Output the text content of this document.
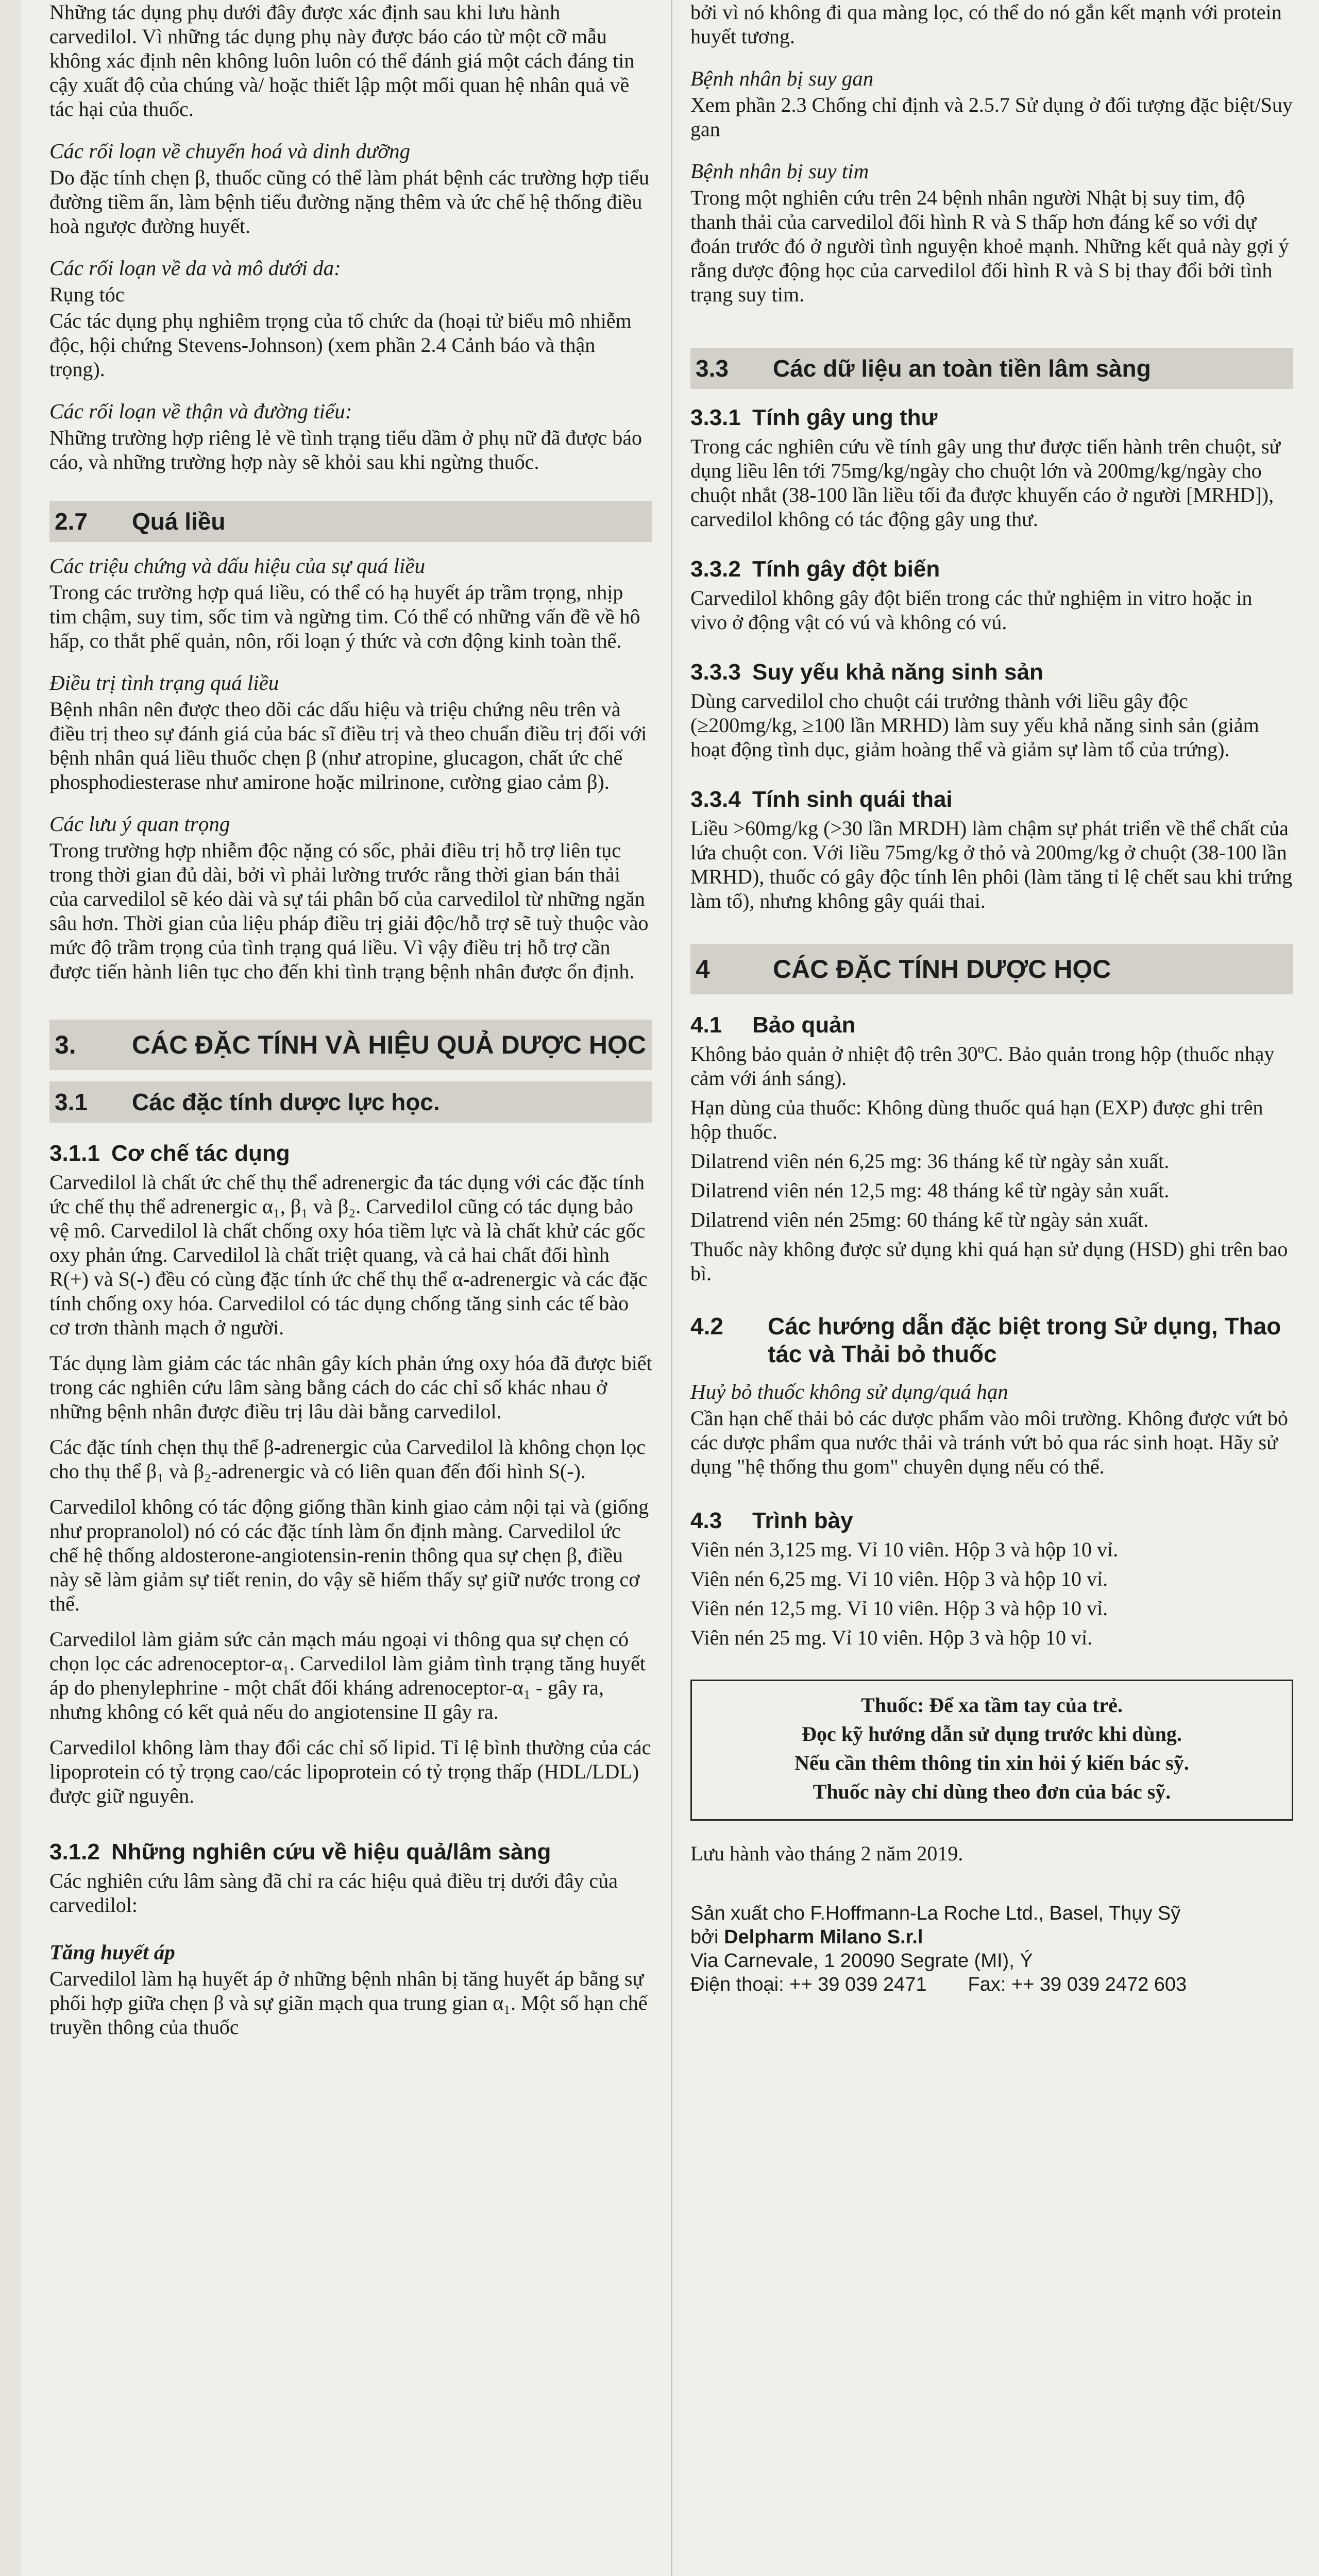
Những tác dụng phụ dưới đây được xác định sau khi lưu hành carvedilol. Vì những tác dụng phụ này được báo cáo từ một cỡ mẫu không xác định nên không luôn luôn có thể đánh giá một cách đáng tin cậy xuất độ của chúng và/ hoặc thiết lập một mối quan hệ nhân quả về tác hại của thuốc.

Các rối loạn về chuyển hoá và dinh dưỡng

Do đặc tính chẹn β, thuốc cũng có thể làm phát bệnh các trường hợp tiểu đường tiềm ẩn, làm bệnh tiểu đường nặng thêm và ức chế hệ thống điều hoà ngược đường huyết.

Các rối loạn về da và mô dưới da:

Rụng tóc

Các tác dụng phụ nghiêm trọng của tổ chức da (hoại tử biểu mô nhiễm độc, hội chứng Stevens-Johnson) (xem phần 2.4 Cảnh báo và thận trọng).

Các rối loạn về thận và đường tiểu:

Những trường hợp riêng lẻ về tình trạng tiểu dầm ở phụ nữ đã được báo cáo, và những trường hợp này sẽ khỏi sau khi ngừng thuốc.

2.7	Quá liều
Các triệu chứng và dấu hiệu của sự quá liều

Trong các trường hợp quá liều, có thể có hạ huyết áp trầm trọng, nhịp tim chậm, suy tim, sốc tim và ngừng tim. Có thể có những vấn đề về hô hấp, co thắt phế quản, nôn, rối loạn ý thức và cơn động kinh toàn thể.

Điều trị tình trạng quá liều

Bệnh nhân nên được theo dõi các dấu hiệu và triệu chứng nêu trên và điều trị theo sự đánh giá của bác sĩ điều trị và theo chuẩn điều trị đối với bệnh nhân quá liều thuốc chẹn β (như atropine, glucagon, chất ức chế phosphodiesterase như amirone hoặc milrinone, cường giao cảm β).

Các lưu ý quan trọng

Trong trường hợp nhiễm độc nặng có sốc, phải điều trị hỗ trợ liên tục trong thời gian đủ dài, bởi vì phải lường trước rằng thời gian bán thải của carvedilol sẽ kéo dài và sự tái phân bố của carvedilol từ những ngăn sâu hơn. Thời gian của liệu pháp điều trị giải độc/hỗ trợ sẽ tuỳ thuộc vào mức độ trầm trọng của tình trạng quá liều. Vì vậy điều trị hỗ trợ cần được tiến hành liên tục cho đến khi tình trạng bệnh nhân được ổn định.

3.	CÁC ĐẶC TÍNH VÀ HIỆU QUẢ DƯỢC HỌC
3.1	Các đặc tính dược lực học.
3.1.1 Cơ chế tác dụng

Carvedilol là chất ức chế thụ thể adrenergic đa tác dụng với các đặc tính ức chế thụ thể adrenergic α₁, β₁ và β₂. Carvedilol cũng có tác dụng bảo vệ mô. Carvedilol là chất chống oxy hóa tiềm lực và là chất khử các gốc oxy phản ứng. Carvedilol là chất triệt quang, và cả hai chất đối hình R(+) và S(-) đều có cùng đặc tính ức chế thụ thể α-adrenergic và các đặc tính chống oxy hóa. Carvedilol có tác dụng chống tăng sinh các tế bào cơ trơn thành mạch ở người.

Tác dụng làm giảm các tác nhân gây kích phản ứng oxy hóa đã được biết trong các nghiên cứu lâm sàng bằng cách do các chỉ số khác nhau ở những bệnh nhân được điều trị lâu dài bằng carvedilol.

Các đặc tính chẹn thụ thể β-adrenergic của Carvedilol là không chọn lọc cho thụ thể β₁ và β₂-adrenergic và có liên quan đến đối hình S(-).

Carvedilol không có tác động giống thần kinh giao cảm nội tại và (giống như propranolol) nó có các đặc tính làm ổn định màng. Carvedilol ức chế hệ thống aldosterone-angiotensin-renin thông qua sự chẹn β, điều này sẽ làm giảm sự tiết renin, do vậy sẽ hiếm thấy sự giữ nước trong cơ thể.

Carvedilol làm giảm sức cản mạch máu ngoại vi thông qua sự chẹn có chọn lọc các adrenoceptor-α₁. Carvedilol làm giảm tình trạng tăng huyết áp do phenylephrine - một chất đối kháng adrenoceptor-α₁ - gây ra, nhưng không có kết quả nếu do angiotensine II gây ra.

Carvedilol không làm thay đổi các chỉ số lipid. Tỉ lệ bình thường của các lipoprotein có tỷ trọng cao/các lipoprotein có tỷ trọng thấp (HDL/LDL) được giữ nguyên.

3.1.2 Những nghiên cứu về hiệu quả/lâm sàng

Các nghiên cứu lâm sàng đã chỉ ra các hiệu quả điều trị dưới đây của carvedilol:

Tăng huyết áp

Carvedilol làm hạ huyết áp ở những bệnh nhân bị tăng huyết áp bằng sự phối hợp giữa chẹn β và sự giãn mạch qua trung gian α₁. Một số hạn chế truyền thông của thuốc

bởi vì nó không đi qua màng lọc, có thể do nó gắn kết mạnh với protein huyết tương.

Bệnh nhân bị suy gan

Xem phần 2.3 Chống chỉ định và 2.5.7 Sử dụng ở đối tượng đặc biệt/Suy gan

Bệnh nhân bị suy tim

Trong một nghiên cứu trên 24 bệnh nhân người Nhật bị suy tim, độ thanh thải của carvedilol đối hình R và S thấp hơn đáng kể so với dự đoán trước đó ở người tình nguyện khoẻ mạnh. Những kết quả này gợi ý rằng dược động học của carvedilol đối hình R và S bị thay đổi bởi tình trạng suy tim.

3.3	Các dữ liệu an toàn tiền lâm sàng
3.3.1 Tính gây ung thư

Trong các nghiên cứu về tính gây ung thư được tiến hành trên chuột, sử dụng liều lên tới 75mg/kg/ngày cho chuột lớn và 200mg/kg/ngày cho chuột nhắt (38-100 lần liều tối đa được khuyến cáo ở người [MRHD]), carvedilol không có tác động gây ung thư.

3.3.2 Tính gây đột biến

Carvedilol không gây đột biến trong các thử nghiệm in vitro hoặc in vivo ở động vật có vú và không có vú.

3.3.3 Suy yếu khả năng sinh sản

Dùng carvedilol cho chuột cái trưởng thành với liều gây độc (≥200mg/kg, ≥100 lần MRHD) làm suy yếu khả năng sinh sản (giảm hoạt động tình dục, giảm hoàng thể và giảm sự làm tổ của trứng).

3.3.4 Tính sinh quái thai

Liều >60mg/kg (>30 lần MRDH) làm chậm sự phát triển về thể chất của lứa chuột con. Với liều 75mg/kg ở thỏ và 200mg/kg ở chuột (38-100 lần MRHD), thuốc có gây độc tính lên phôi (làm tăng tỉ lệ chết sau khi trứng làm tổ), nhưng không gây quái thai.

4	CÁC ĐẶC TÍNH DƯỢC HỌC
4.1 Bảo quản

Không bảo quản ở nhiệt độ trên 30ºC. Bảo quản trong hộp (thuốc nhạy cảm với ánh sáng).

Hạn dùng của thuốc: Không dùng thuốc quá hạn (EXP) được ghi trên hộp thuốc.

Dilatrend viên nén 6,25 mg: 36 tháng kể từ ngày sản xuất.

Dilatrend viên nén 12,5 mg: 48 tháng kể từ ngày sản xuất.

Dilatrend viên nén 25mg: 60 tháng kể từ ngày sản xuất.

Thuốc này không được sử dụng khi quá hạn sử dụng (HSD) ghi trên bao bì.

4.2	Các hướng dẫn đặc biệt trong Sử dụng, Thao tác và Thải bỏ thuốc
Huỷ bỏ thuốc không sử dụng/quá hạn

Cần hạn chế thải bỏ các dược phẩm vào môi trường. Không được vứt bỏ các dược phẩm qua nước thải và tránh vứt bỏ qua rác sinh hoạt. Hãy sử dụng "hệ thống thu gom" chuyên dụng nếu có thể.

4.3 Trình bày

Viên nén 3,125 mg. Vỉ 10 viên. Hộp 3 và hộp 10 vỉ.

Viên nén 6,25 mg. Vỉ 10 viên. Hộp 3 và hộp 10 vỉ.

Viên nén 12,5 mg. Vỉ 10 viên. Hộp 3 và hộp 10 vỉ.

Viên nén 25 mg. Vỉ 10 viên. Hộp 3 và hộp 10 vỉ.

Thuốc: Để xa tầm tay của trẻ.

Đọc kỹ hướng dẫn sử dụng trước khi dùng.

Nếu cần thêm thông tin xin hỏi ý kiến bác sỹ.

Thuốc này chỉ dùng theo đơn của bác sỹ.

Lưu hành vào tháng 2 năm 2019.

Sản xuất cho F.Hoffmann-La Roche Ltd., Basel, Thụy Sỹ

bởi Delpharm Milano S.r.l

Via Carnevale, 1 20090 Segrate (MI), Ý

Điện thoại: ++ 39 039 2471 Fax: ++ 39 039 2472 603
